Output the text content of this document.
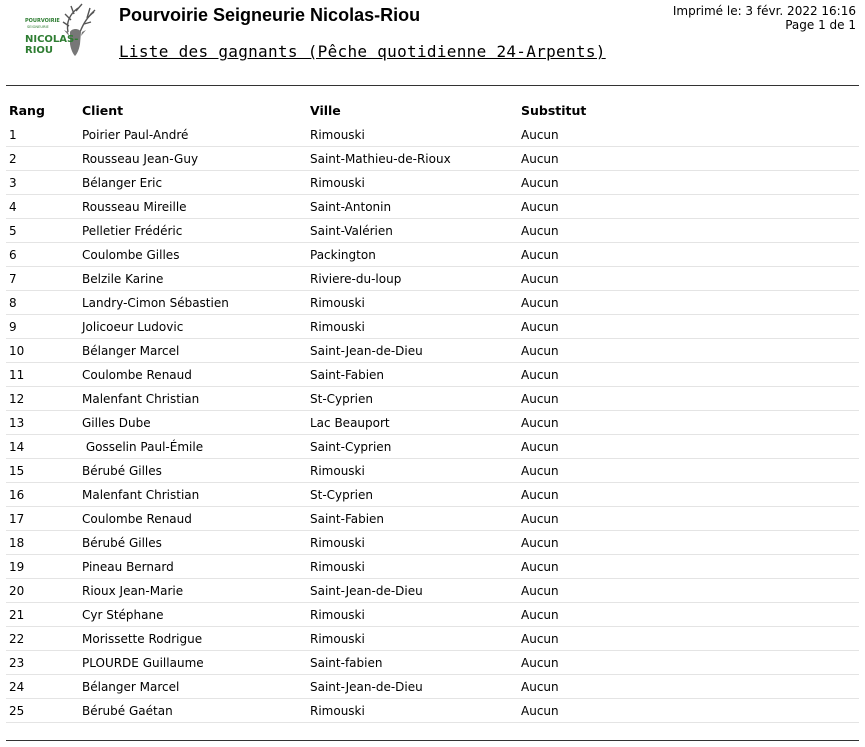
POURVOIRIE
SEIGNEURIE
NICOLAS-
RIOU
Pourvoirie Seigneurie Nicolas-Riou
Liste des gagnants (Pêche quotidienne 24-Arpents)
Imprimé le: 3 févr. 2022 16:16
Page 1 de 1
Rang	Client	Ville	Substitut
1	Poirier Paul-André	Rimouski	Aucun
2	Rousseau Jean-Guy	Saint-Mathieu-de-Rioux	Aucun
3	Bélanger Eric	Rimouski	Aucun
4	Rousseau Mireille	Saint-Antonin	Aucun
5	Pelletier Frédéric	Saint-Valérien	Aucun
6	Coulombe Gilles	Packington	Aucun
7	Belzile Karine	Riviere-du-loup	Aucun
8	Landry-Cimon Sébastien	Rimouski	Aucun
9	Jolicoeur Ludovic	Rimouski	Aucun
10	Bélanger Marcel	Saint-Jean-de-Dieu	Aucun
11	Coulombe Renaud	Saint-Fabien	Aucun
12	Malenfant Christian	St-Cyprien	Aucun
13	Gilles Dube	Lac Beauport	Aucun
14	Gosselin Paul-Émile	Saint-Cyprien	Aucun
15	Bérubé Gilles	Rimouski	Aucun
16	Malenfant Christian	St-Cyprien	Aucun
17	Coulombe Renaud	Saint-Fabien	Aucun
18	Bérubé Gilles	Rimouski	Aucun
19	Pineau Bernard	Rimouski	Aucun
20	Rioux Jean-Marie	Saint-Jean-de-Dieu	Aucun
21	Cyr Stéphane	Rimouski	Aucun
22	Morissette Rodrigue	Rimouski	Aucun
23	PLOURDE Guillaume	Saint-fabien	Aucun
24	Bélanger Marcel	Saint-Jean-de-Dieu	Aucun
25	Bérubé Gaétan	Rimouski	Aucun
